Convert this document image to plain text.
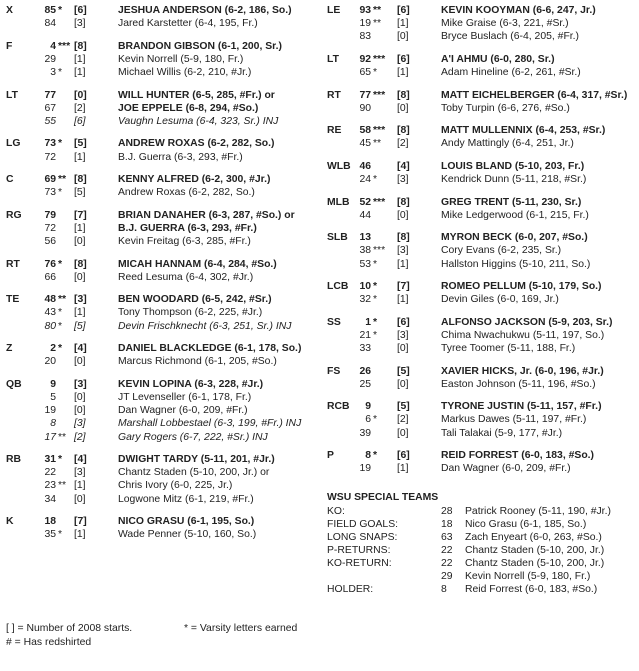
X	85 * [6]	JESHUA ANDERSON (6-2, 186, So.)
84 [3]	Jared Karstetter (6-4, 195, Fr.)
F	4 *** [8]	BRANDON GIBSON (6-1, 200, Sr.)
29 [1]	Kevin Norrell (5-9, 180, Fr.)
3 * [1]	Michael Willis (6-2, 210, #Jr.)
LT	77 [0]	WILL HUNTER (6-5, 285, #Fr.) or
67 [2]	JOE EPPELE (6-8, 294, #So.)
55 [6]	Vaughn Lesuma (6-4, 323, Sr.) INJ
LG	73 * [5]	ANDREW ROXAS (6-2, 282, So.)
72 [1]	B.J. Guerra (6-3, 293, #Fr.)
C	69 ** [8]	KENNY ALFRED (6-2, 300, #Jr.)
73 * [5]	Andrew Roxas (6-2, 282, So.)
RG	79 [7]	BRIAN DANAHER (6-3, 287, #So.) or
72 [1]	B.J. GUERRA (6-3, 293, #Fr.)
56 [0]	Kevin Freitag (6-3, 285, #Fr.)
RT	76 * [8]	MICAH HANNAM (6-4, 284, #So.)
66 [0]	Reed Lesuma (6-4, 302, #Jr.)
TE	48 ** [3]	BEN WOODARD (6-5, 242, #Sr.)
43 * [1]	Tony Thompson (6-2, 225, #Jr.)
80 * [5]	Devin Frischknecht (6-3, 251, Sr.) INJ
Z	2 * [4]	DANIEL BLACKLEDGE (6-1, 178, So.)
20 [0]	Marcus Richmond (6-1, 205, #So.)
QB	9 [3]	KEVIN LOPINA (6-3, 228, #Jr.)
5 [0]	JT Levenseller (6-1, 178, Fr.)
19 [0]	Dan Wagner (6-0, 209, #Fr.)
8 [3]	Marshall Lobbestael (6-3, 199, #Fr.) INJ
17 ** [2]	Gary Rogers (6-7, 222, #Sr.) INJ
RB	31 * [4]	DWIGHT TARDY (5-11, 201, #Jr.)
22 [3]	Chantz Staden (5-10, 200, Jr.) or
23 ** [1]	Chris Ivory (6-0, 225, Jr.)
34 [0]	Logwone Mitz (6-1, 219, #Fr.)
K	18 [7]	NICO GRASU (6-1, 195, So.)
35 * [1]	Wade Penner (5-10, 160, So.)
LE	93 ** [6]	KEVIN KOOYMAN (6-6, 247, Jr.)
19 ** [1]	Mike Graise (6-3, 221, #Sr.)
83	[0]	Bryce Buslach (6-4, 205, #Fr.)
LT	92 *** [6]	A'I AHMU (6-0, 280, Sr.)
65 * [1]	Adam Hineline (6-2, 261, #Sr.)
RT	77 *** [8]	MATT EICHELBERGER (6-4, 317, #Sr.)
90	[0]	Toby Turpin (6-6, 276, #So.)
RE	58 *** [8]	MATT MULLENNIX (6-4, 253, #Sr.)
45 ** [2]	Andy Mattingly (6-4, 251, Jr.)
WLB 46	[4]	LOUIS BLAND (5-10, 203, Fr.)
24 * [3]	Kendrick Dunn (5-11, 218, #Sr.)
MLB 52 *** [8]	GREG TRENT (5-11, 230, Sr.)
44	[0]	Mike Ledgerwood (6-1, 215, Fr.)
SLB	13	[8]	MYRON BECK (6-0, 207, #So.)
38 *** [3]	Cory Evans (6-2, 235, Sr.)
53 * [1]	Hallston Higgins (5-10, 211, So.)
LCB	10 * [7]	ROMEO PELLUM (5-10, 179, So.)
32 * [1]	Devin Giles (6-0, 169, Jr.)
SS	1 * [6]	ALFONSO JACKSON (5-9, 203, Sr.)
21 * [3]	Chima Nwachukwu (5-11, 197, So.)
33	[0]	Tyree Toomer (5-11, 188, Fr.)
FS	26	[5]	XAVIER HICKS, Jr. (6-0, 196, #Jr.)
25	[0]	Easton Johnson (5-11, 196, #So.)
RCB	9	[5]	TYRONE JUSTIN (5-11, 157, #Fr.)
6 * [2]	Markus Dawes (5-11, 197, #Fr.)
39	[0]	Tali Talakai (5-9, 177, #Jr.)
P	8 * [6]	REID FORREST (6-0, 183, #So.)
19	[1]	Dan Wagner (6-0, 209, #Fr.)
WSU SPECIAL TEAMS
KO:	28 Patrick Rooney (5-11, 190, #Jr.)
FIELD GOALS:	18 Nico Grasu (6-1, 185, So.)
LONG SNAPS:	63 Zach Enyeart (6-0, 263, #So.)
P-RETURNS:	22 Chantz Staden (5-10, 200, Jr.)
KO-RETURN:	22 Chantz Staden (5-10, 200, Jr.)
29 Kevin Norrell (5-9, 180, Fr.)
HOLDER:	8 Reid Forrest (6-0, 183, #So.)
[ ] = Number of 2008 starts.
# = Has redshirted
* = Varsity letters earned
